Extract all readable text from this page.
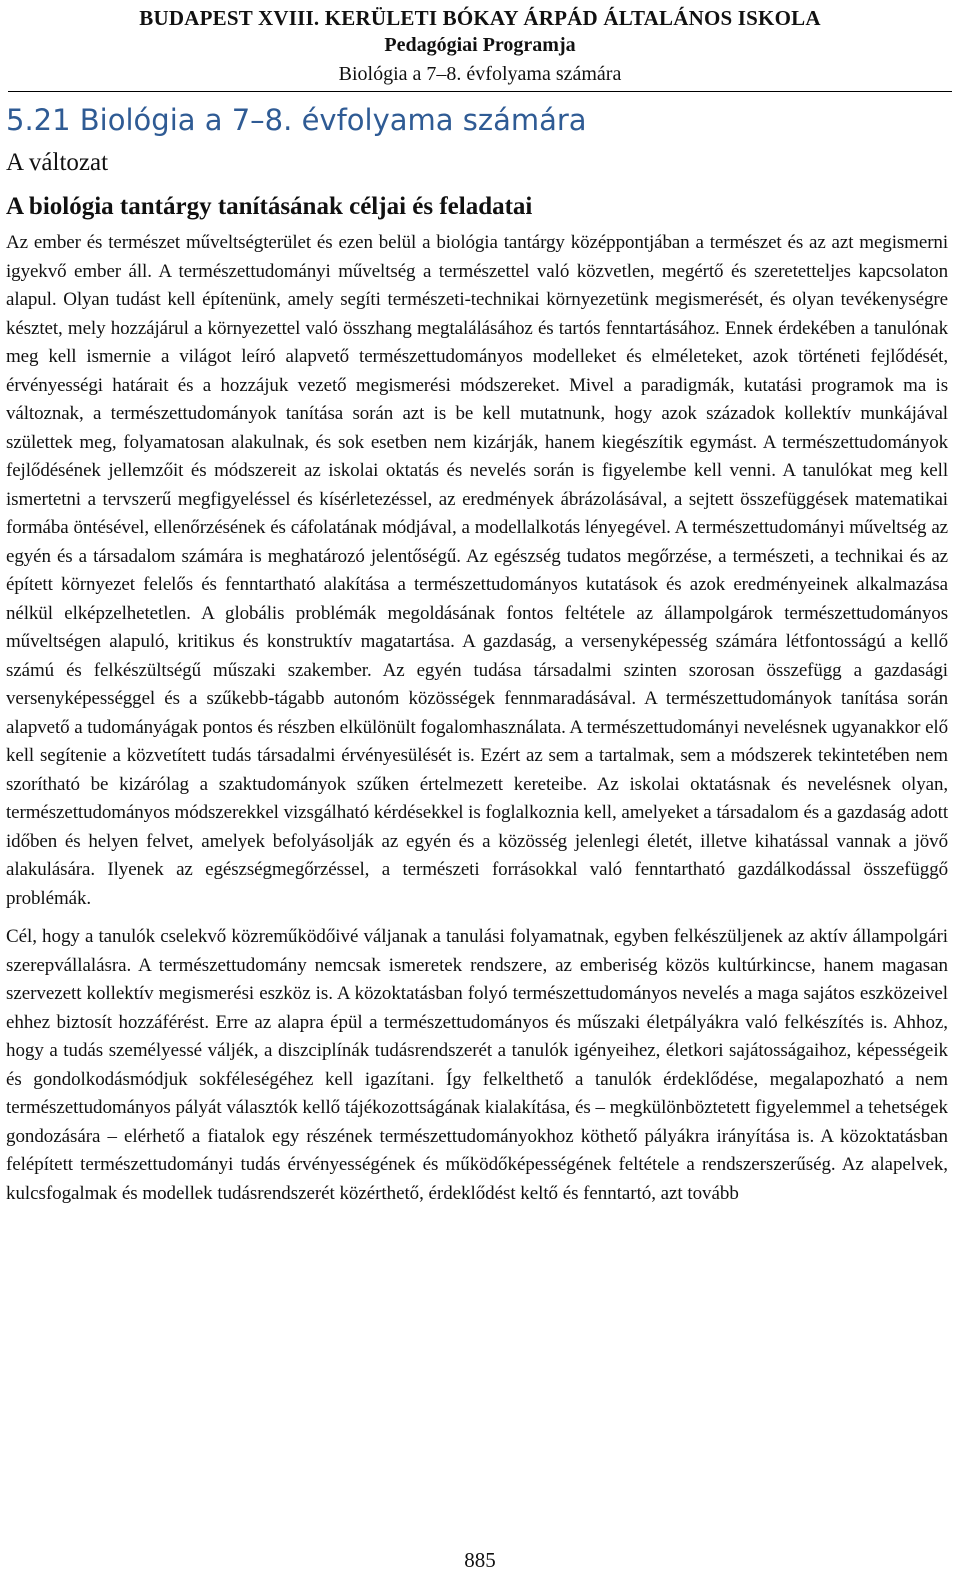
BUDAPEST XVIII. KERÜLETI BÓKAY ÁRPÁD ÁLTALÁNOS ISKOLA
Pedagógiai Programja
Biológia a 7–8. évfolyama számára
5.21 Biológia a 7–8. évfolyama számára
A változat
A biológia tantárgy tanításának céljai és feladatai

Az ember és természet műveltségterület és ezen belül a biológia tantárgy középpontjában a természet és az azt megismerni igyekvő ember áll. A természettudományi műveltség a természettel való közvetlen, megértő és szeretetteljes kapcsolaton alapul. Olyan tudást kell építenünk, amely segíti természeti-technikai környezetünk megismerését, és olyan tevékenységre késztet, mely hozzájárul a környezettel való összhang megtalálásához és tartós fenntartásához. Ennek érdekében a tanulónak meg kell ismernie a világot leíró alapvető természettudományos modelleket és elméleteket, azok történeti fejlődését, érvényességi határait és a hozzájuk vezető megismerési módszereket. Mivel a paradigmák, kutatási programok ma is változnak, a természettudományok tanítása során azt is be kell mutatnunk, hogy azok századok kollektív munkájával születtek meg, folyamatosan alakulnak, és sok esetben nem kizárják, hanem kiegészítik egymást. A természettudományok fejlődésének jellemzőit és módszereit az iskolai oktatás és nevelés során is figyelembe kell venni. A tanulókat meg kell ismertetni a tervszerű megfigyeléssel és kísérletezéssel, az eredmények ábrázolásával, a sejtett összefüggések matematikai formába öntésével, ellenőrzésének és cáfolatának módjával, a modellalkotás lényegével. A természettudományi műveltség az egyén és a társadalom számára is meghatározó jelentőségű. Az egészség tudatos megőrzése, a természeti, a technikai és az épített környezet felelős és fenntartható alakítása a természettudományos kutatások és azok eredményeinek alkalmazása nélkül elképzelhetetlen. A globális problémák megoldásának fontos feltétele az állampolgárok természettudományos műveltségen alapuló, kritikus és konstruktív magatartása. A gazdaság, a versenyképesség számára létfontosságú a kellő számú és felkészültségű műszaki szakember. Az egyén tudása társadalmi szinten szorosan összefügg a gazdasági versenyképességgel és a szűkebb-tágabb autonóm közösségek fennmaradásával. A természettudományok tanítása során alapvető a tudományágak pontos és részben elkülönült fogalomhasználata. A természettudományi nevelésnek ugyanakkor elő kell segítenie a közvetített tudás társadalmi érvényesülését is. Ezért az sem a tartalmak, sem a módszerek tekintetében nem szorítható be kizárólag a szaktudományok szűken értelmezett kereteibe. Az iskolai oktatásnak és nevelésnek olyan, természettudományos módszerekkel vizsgálható kérdésekkel is foglalkoznia kell, amelyeket a társadalom és a gazdaság adott időben és helyen felvet, amelyek befolyásolják az egyén és a közösség jelenlegi életét, illetve kihatással vannak a jövő alakulására. Ilyenek az egészségmegőrzéssel, a természeti forrásokkal való fenntartható gazdálkodással összefüggő problémák.

Cél, hogy a tanulók cselekvő közreműködőivé váljanak a tanulási folyamatnak, egyben felkészüljenek az aktív állampolgári szerepvállalásra. A természettudomány nemcsak ismeretek rendszere, az emberiség közös kultúrkincse, hanem magasan szervezett kollektív megismerési eszköz is. A közoktatásban folyó természettudományos nevelés a maga sajátos eszközeivel ehhez biztosít hozzáférést. Erre az alapra épül a természettudományos és műszaki életpályákra való felkészítés is. Ahhoz, hogy a tudás személyessé váljék, a diszciplínák tudásrendszerét a tanulók igényeihez, életkori sajátosságaihoz, képességeik és gondolkodásmódjuk sokféleségéhez kell igazítani. Így felkelthető a tanulók érdeklődése, megalapozható a nem természettudományos pályát választók kellő tájékozottságának kialakítása, és – megkülönböztetett figyelemmel a tehetségek gondozására – elérhető a fiatalok egy részének természettudományokhoz köthető pályákra irányítása is. A közoktatásban felépített természettudományi tudás érvényességének és működőképességének feltétele a rendszerszerűség. Az alapelvek, kulcsfogalmak és modellek tudásrendszerét közérthető, érdeklődést keltő és fenntartó, azt tovább

885
